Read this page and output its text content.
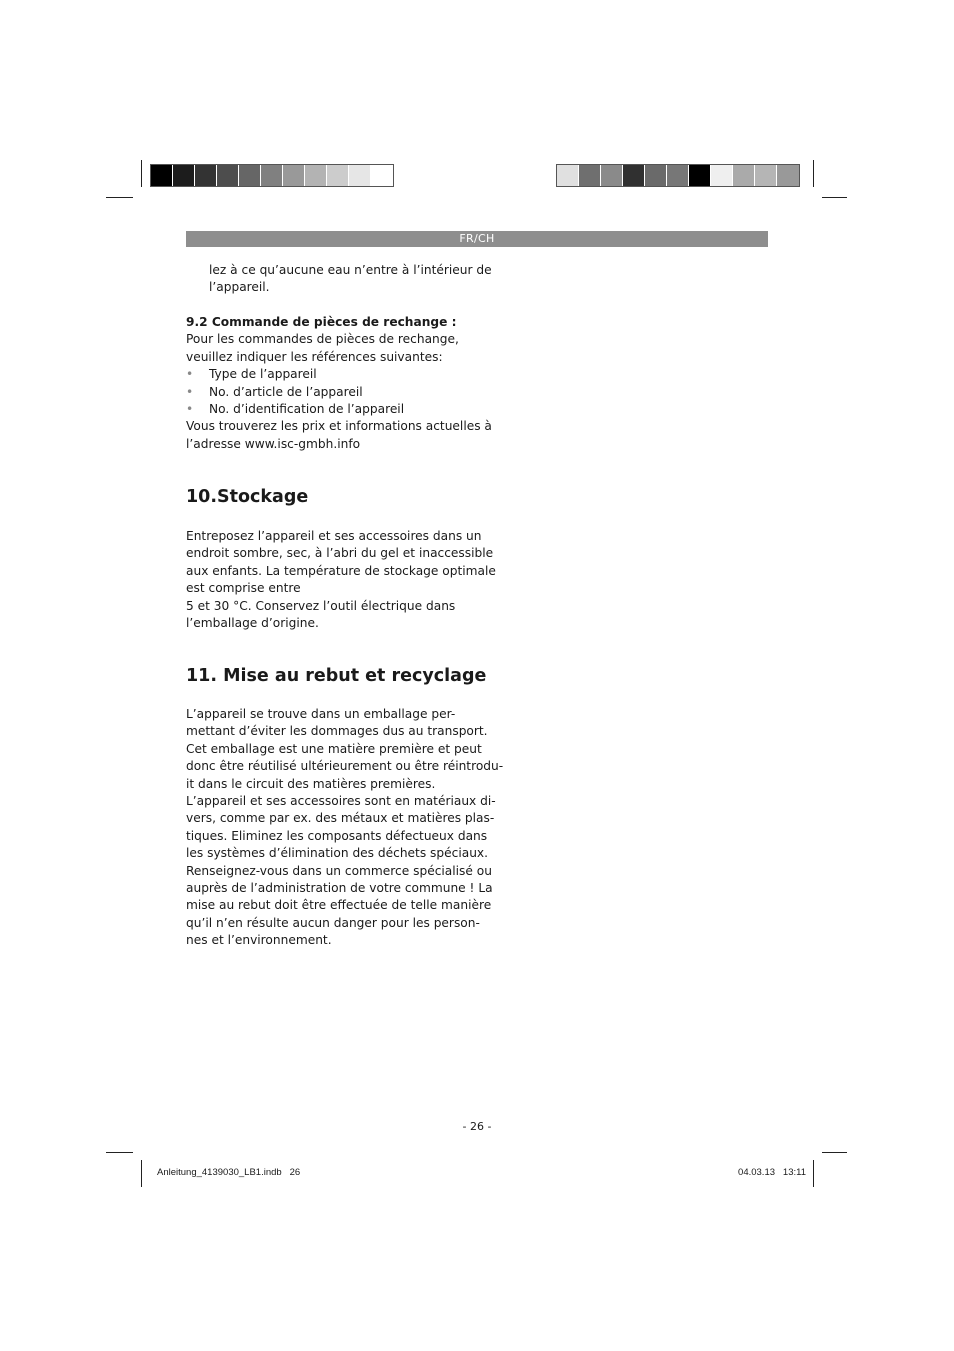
FR/CH

lez à ce qu’aucune eau n’entre à l’intérieur de

l’appareil.

9.2 Commande de pièces de rechange :

Pour les commandes de pièces de rechange,

veuillez indiquer les références suivantes:

•	Type de l’appareil
•	No. d’article de l’appareil
•	No. d’identification de l’appareil

Vous trouverez les prix et informations actuelles à

l’adresse www.isc-gmbh.info

10.Stockage

Entreposez l’appareil et ses accessoires dans un

endroit sombre, sec, à l’abri du gel et inaccessible

aux enfants. La température de stockage optimale

est comprise entre

5 et 30 °C. Conservez l’outil électrique dans

l’emballage d’origine.

11. Mise au rebut et recyclage

L’appareil se trouve dans un emballage per-

mettant d’éviter les dommages dus au transport.

Cet emballage est une matière première et peut

donc être réutilisé ultérieurement ou être réintrodu-

it dans le circuit des matières premières.

L’appareil et ses accessoires sont en matériaux di-

vers, comme par ex. des métaux et matières plas-

tiques. Eliminez les composants défectueux dans

les systèmes d’élimination des déchets spéciaux.

Renseignez-vous dans un commerce spécialisé ou

auprès de l’administration de votre commune ! La

mise au rebut doit être effectuée de telle manière

qu’il n’en résulte aucun danger pour les person-

nes et l’environnement.

- 26 -
Anleitung_4139030_LB1.indb   26	04.03.13   13:11
